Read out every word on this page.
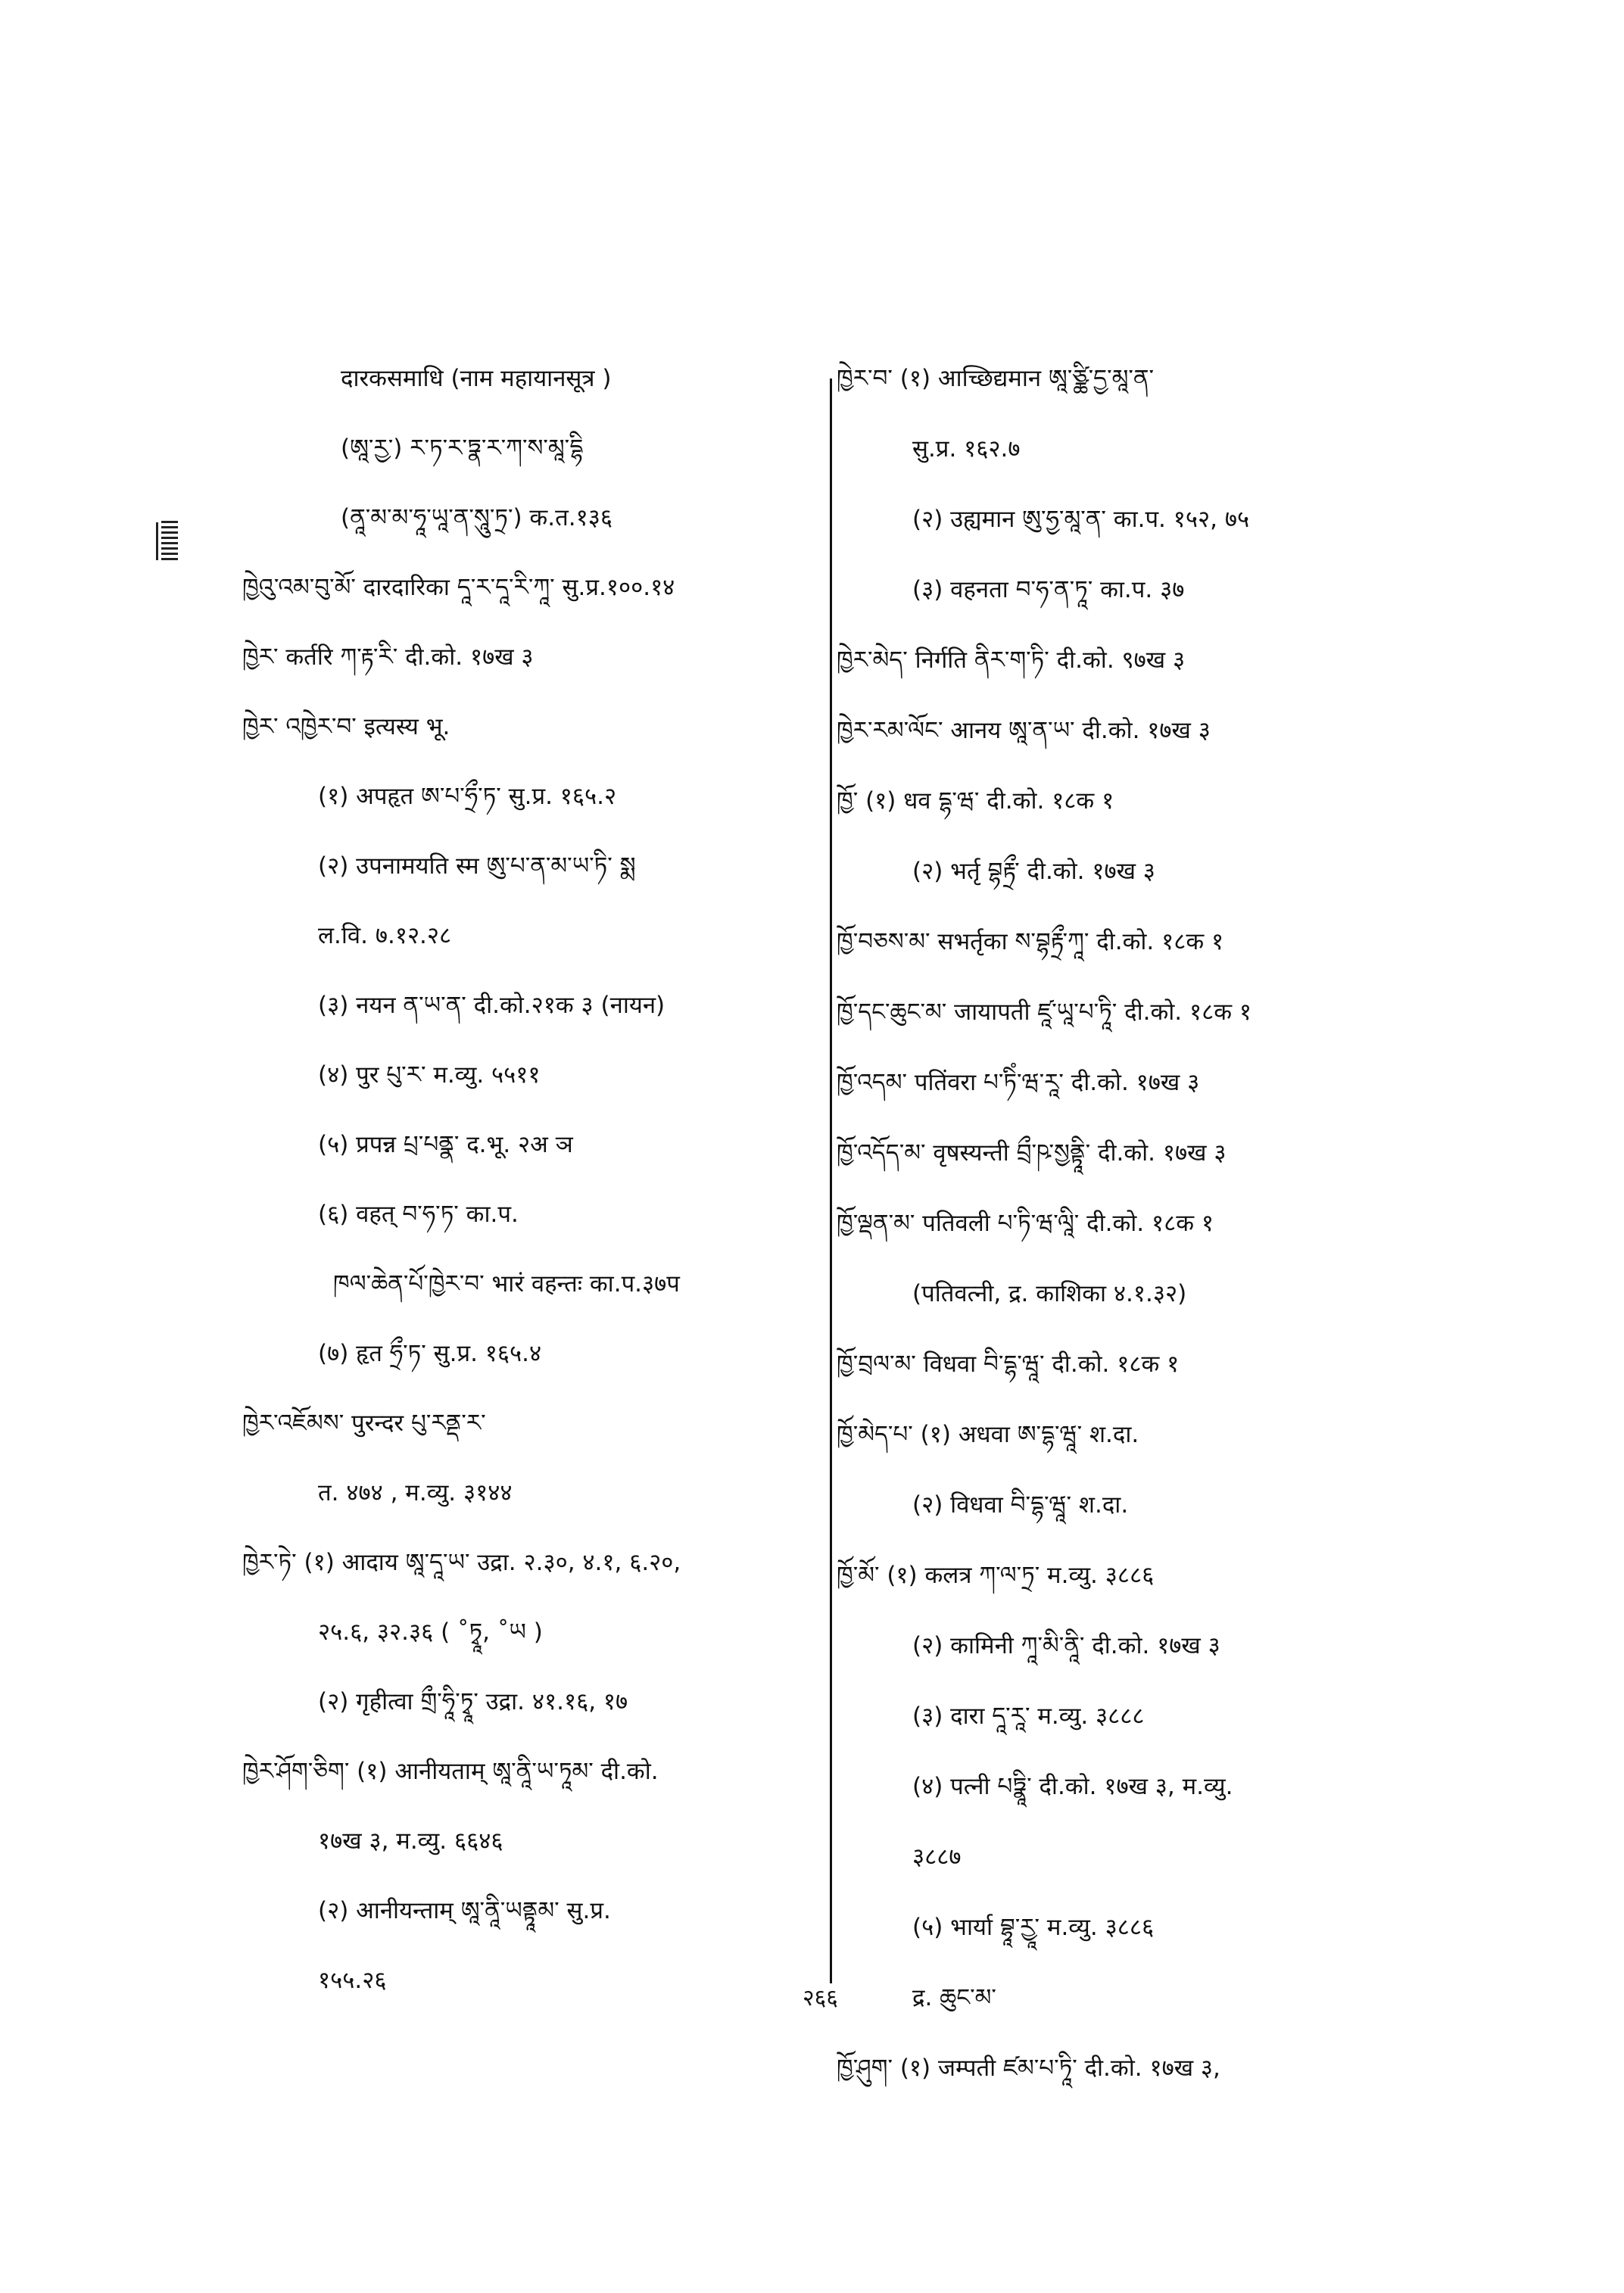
दारकसमाधि (नाम महायानसूत्र )
(ཨཱ་ཪྱ་) ཪ་ཏ་ར་ཏྣ་ར་ཀ་ས་མཱ་དྷི
(ནཱ་མ་མ་ཧཱ་ཡཱ་ན་སཱུ་ཏྲ་) क.त.१३६
ཁྱེའུ་འམ་བུ་མོ་ दारदारिका དཱ་ར་དཱ་རི་ཀཱ་ सु.प्र.१००.१४
ཁྱེར་ कर्तरि ཀ་རྟ་རི་ दी.को. १७ख ३
ཁྱེར་ འཁྱེར་བ་ इत्यस्य भू.
(१) अपहृत ཨ་པ་ཧྲྀ་ཏ་ सु.प्र. १६५.२
(२) उपनामयति स्म ཨུ་པ་ན་མ་ཡ་ཏི་ སྨ
ल.वि. ७.१२.२८
(३) नयन ན་ཡ་ན་ दी.को.२१क ३ (नायन)
(४) पुर པུ་ར་ म.व्यु. ५५११
(५) प्रपन्न པྲ་པནྣ་ द.भू. २अ ञ
(६) वहत् བ་ཧ་ཏ་ का.प.
ཁལ་ཆེན་པོ་ཁྱེར་བ་ भारं वहन्तः का.प.३७प
(७) हृत ཧྲྀ་ཏ་ सु.प्र. १६५.४
ཁྱེར་འཇོམས་ पुरन्दर པུ་རནྡ་ར་
त. ४७४ , म.व्यु. ३१४४
ཁྱེར་ཏེ་ (१) आदाय ཨཱ་དཱ་ཡ་ उद्रा. २.३०, ४.१, ६.२०,
२५.६, ३२.३६ ( ˚ཏྭཱ, ˚ཡ )
(२) गृहीत्वा གྲྀ་ཧཱི་ཏྭཱ་ उद्रा. ४१.१६, १७
ཁྱེར་ཤོག་ཅིག་ (१) आनीयताम् ཨཱ་ནཱི་ཡ་ཏཱམ་ दी.को.
१७ख ३, म.व्यु. ६६४६
(२) आनीयन्ताम् ཨཱ་ནཱི་ཡནྟཱམ་ सु.प्र.
१५५.२६
ཁྱེར་བ་ (१) आच्छिद्यमान ཨཱ་ཙྪི་དྱ་མཱ་ན་
सु.प्र. १६२.७
(२) उह्यमान ཨུ་ཧྱ་མཱ་ན་ का.प. १५२, ७५
(३) वहनता བ་ཧ་ན་ཏཱ་ का.प. ३७
ཁྱེར་མེད་ निर्गति ནིར་ག་ཏི་ दी.को. ९७ख ३
ཁྱེར་རམ་ལོང་ आनय ཨཱ་ན་ཡ་ दी.को. १७ख ३
ཁྱོ་ (१) धव དྷ་ཝ་ दी.को. १८क १
(२) भर्तृ བྷརྟྲྀ་ दी.को. १७ख ३
ཁྱོ་བཅས་མ་ सभर्तृका ས་བྷརྟྲྀ་ཀཱ་ दी.को. १८क १
ཁྱོ་དང་ཆུང་མ་ जायापती ཛཱ་ཡཱ་པ་ཏཱི་ दी.को. १८क १
ཁྱོ་འདམ་ पतिंवरा པ་ཏིཾ་ཝ་རཱ་ दी.को. १७ख ३
ཁྱོ་འདོད་མ་ वृषस्यन्ती བྲྀ་ཥ་སྱནྟཱི་ दी.को. १७ख ३
ཁྱོ་ལྡན་མ་ पतिवली པ་ཏི་ཝ་ལཱི་ दी.को. १८क १
(पतिवत्नी, द्र. काशिका ४.१.३२)
ཁྱོ་བྲལ་མ་ विधवा བི་དྷ་ཝཱ་ दी.को. १८क १
ཁྱོ་མེད་པ་ (१) अधवा ཨ་དྷ་ཝཱ་ श.दा.
(२) विधवा བི་དྷ་ཝཱ་ श.दा.
ཁྱོ་མོ་ (१) कलत्र ཀ་ལ་ཏྲ་ म.व्यु. ३८८६
(२) कामिनी ཀཱ་མི་ནཱི་ दी.को. १७ख ३
(३) दारा དཱ་རཱ་ म.व्यु. ३८८८
(४) पत्नी པཏྣཱི་ दी.को. १७ख ३, म.व्यु.
३८८७
(५) भार्या བྷཱ་རྱཱ་ म.व्यु. ३८८६
द्र. ཆུང་མ་
ཁྱོ་ཤུག་ (१) जम्पती ཛམ་པ་ཏཱི་ दी.को. १७ख ३,
२६६
